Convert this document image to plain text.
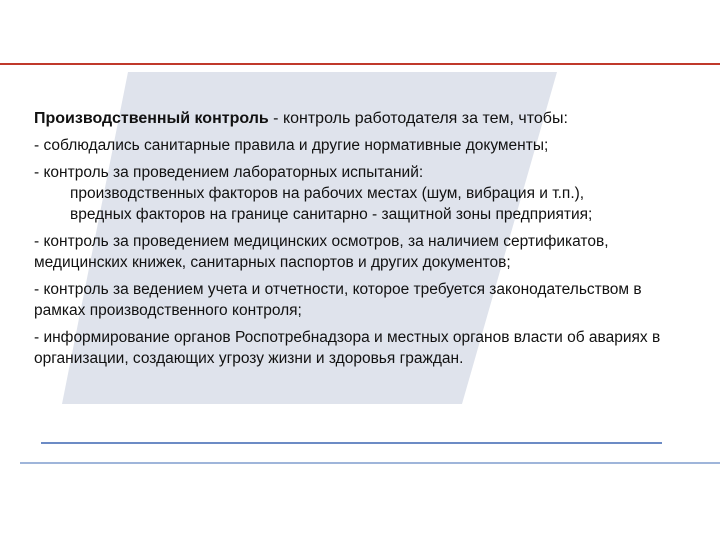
Производственный контроль - контроль работодателя за тем, чтобы:

- соблюдались санитарные правила и другие нормативные документы;

- контроль за проведением лабораторных испытаний:
производственных факторов на рабочих местах (шум, вибрация и т.п.),
вредных факторов на границе санитарно - защитной зоны предприятия;

- контроль за проведением медицинских осмотров, за наличием сертификатов, медицинских книжек, санитарных паспортов и других документов;

- контроль за ведением учета и отчетности, которое требуется законодательством в рамках производственного контроля;

- информирование органов Роспотребнадзора и местных органов власти об авариях в организации, создающих угрозу жизни и здоровья граждан.
